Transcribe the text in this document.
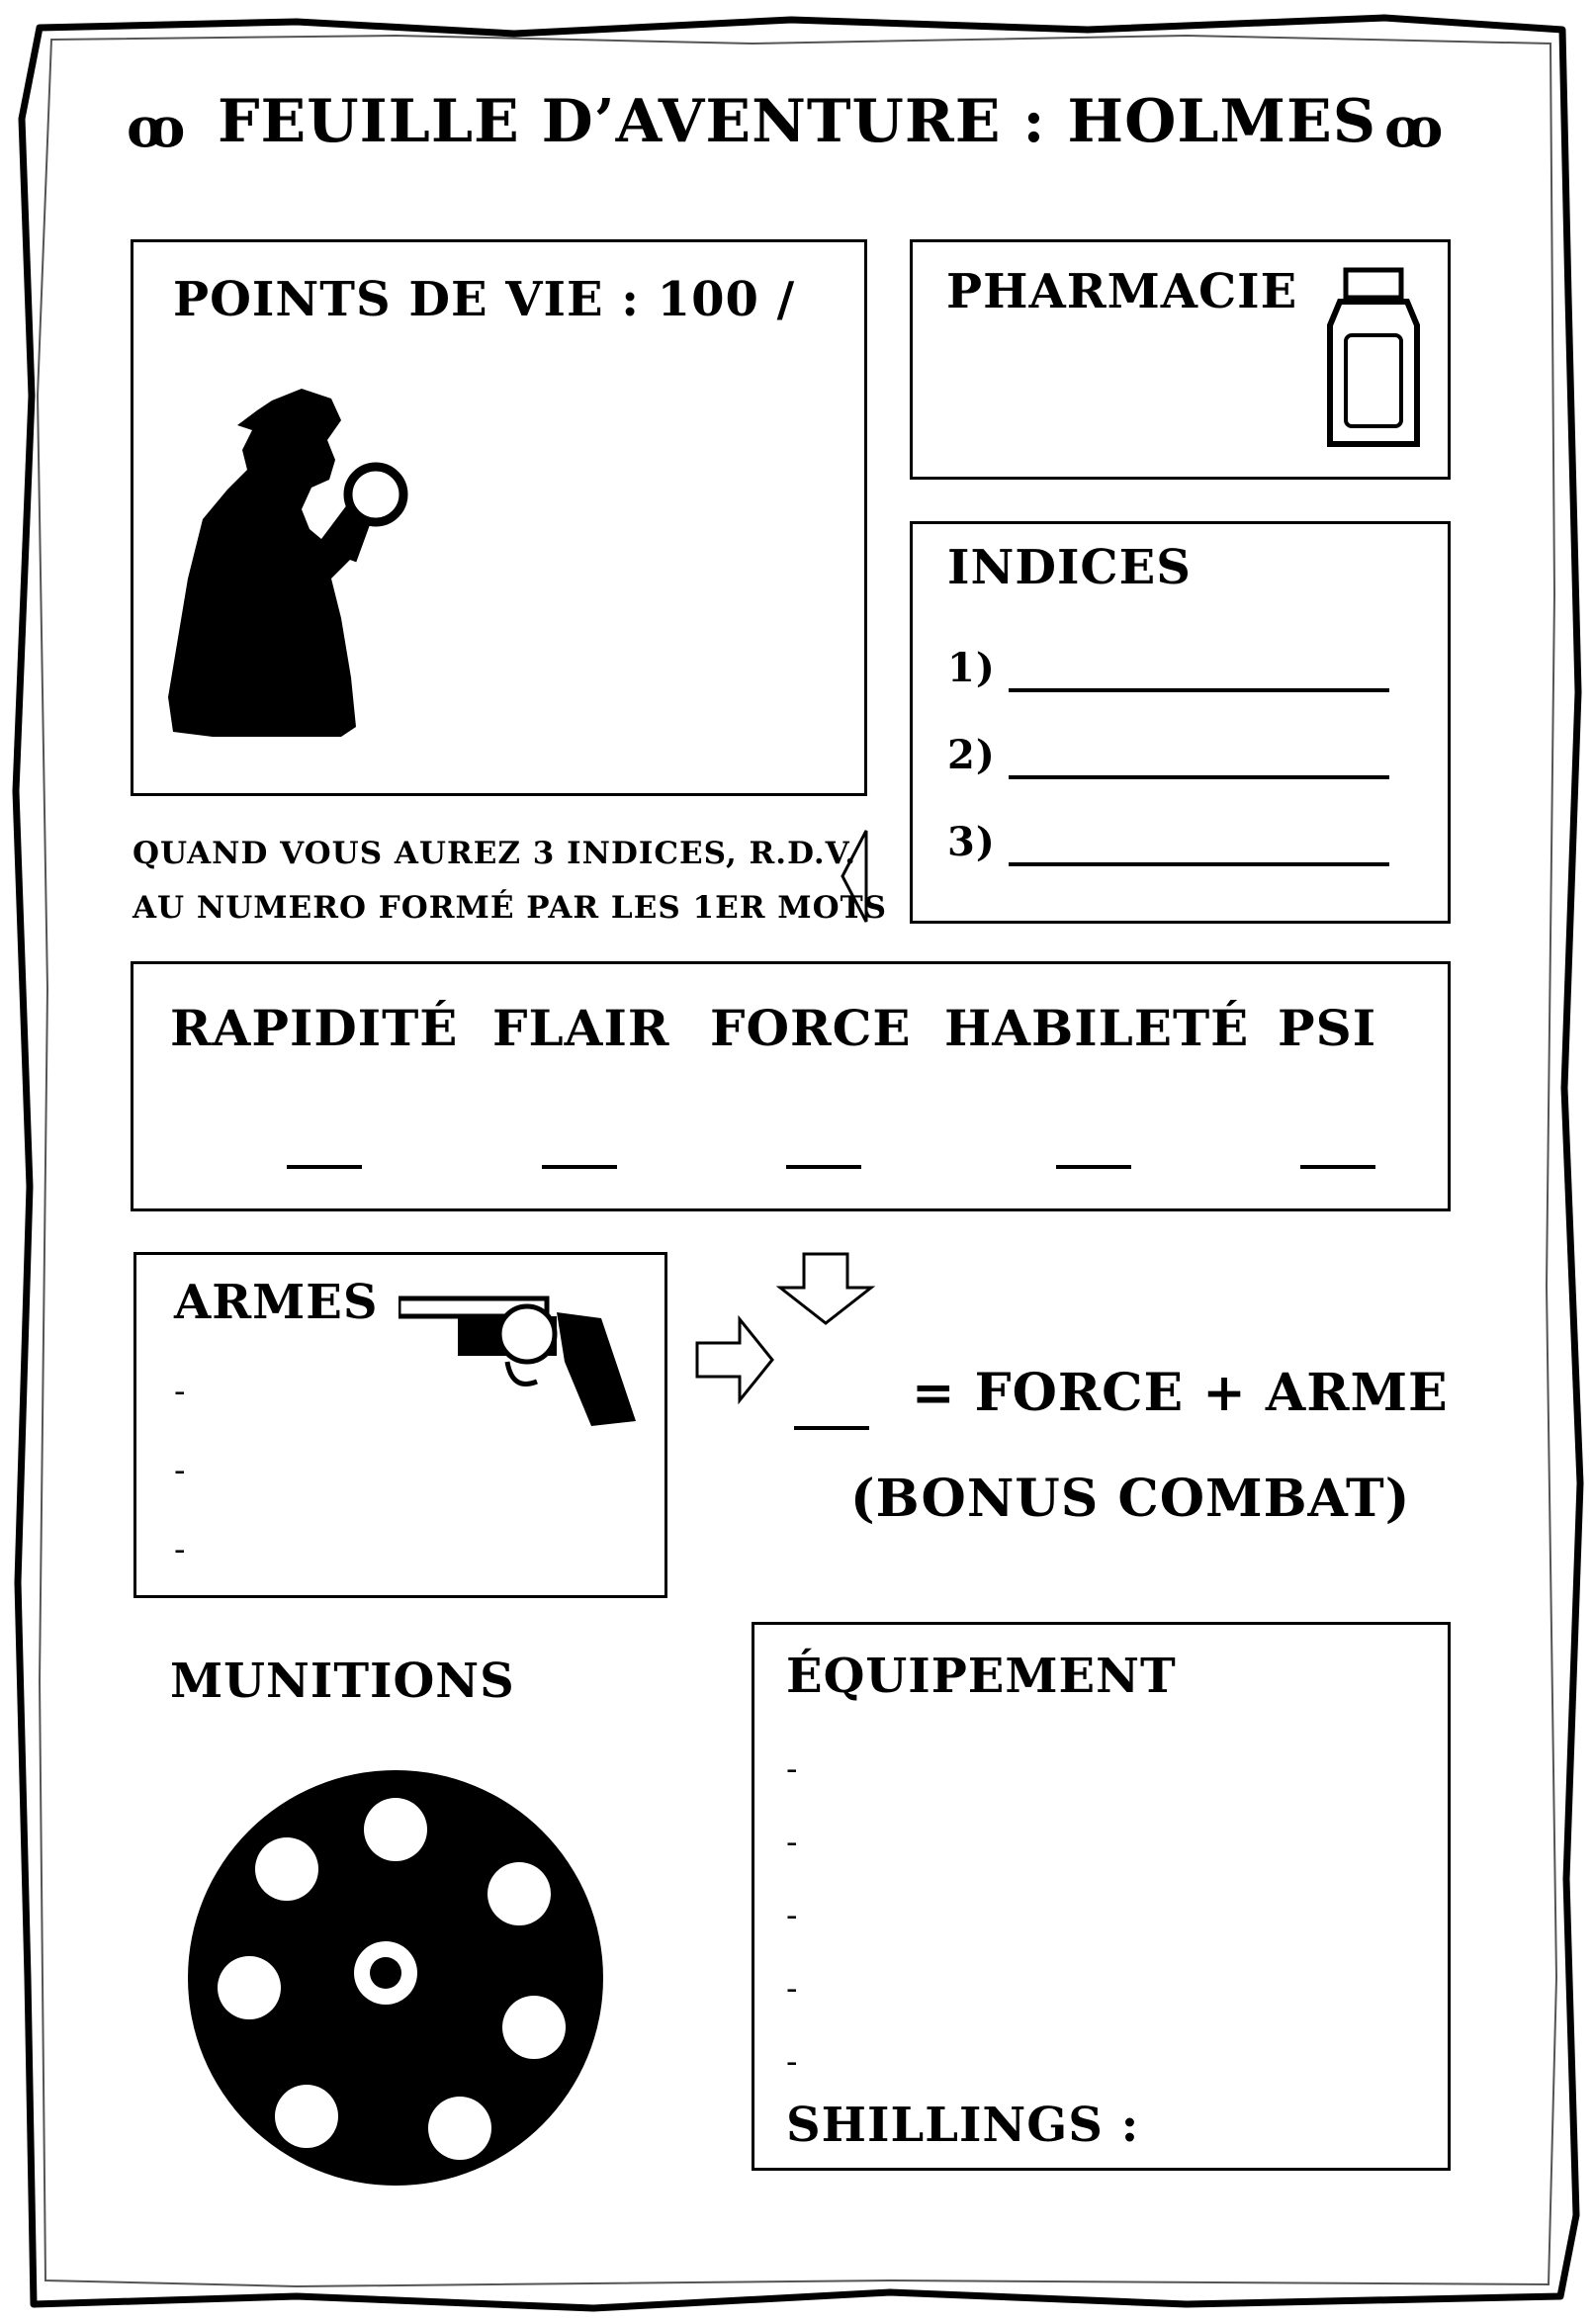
ꝏ FEUILLE D’AVENTURE : HOLMES ꝏ
POINTS DE VIE : 100 /	PHARMACIE
INDICES
1)
2)
3)
QUAND VOUS AUREZ 3 INDICES, R.D.V.
AU NUMERO FORMÉ PAR LES 1ER MOTS
RAPIDITÉ FLAIR FORCE HABILETÉ PSI
ARMES
-
-
-
= FORCE + ARME
(BONUS COMBAT)
MUNITIONS	ÉQUIPEMENT
-
-
-
-
-
SHILLINGS :
